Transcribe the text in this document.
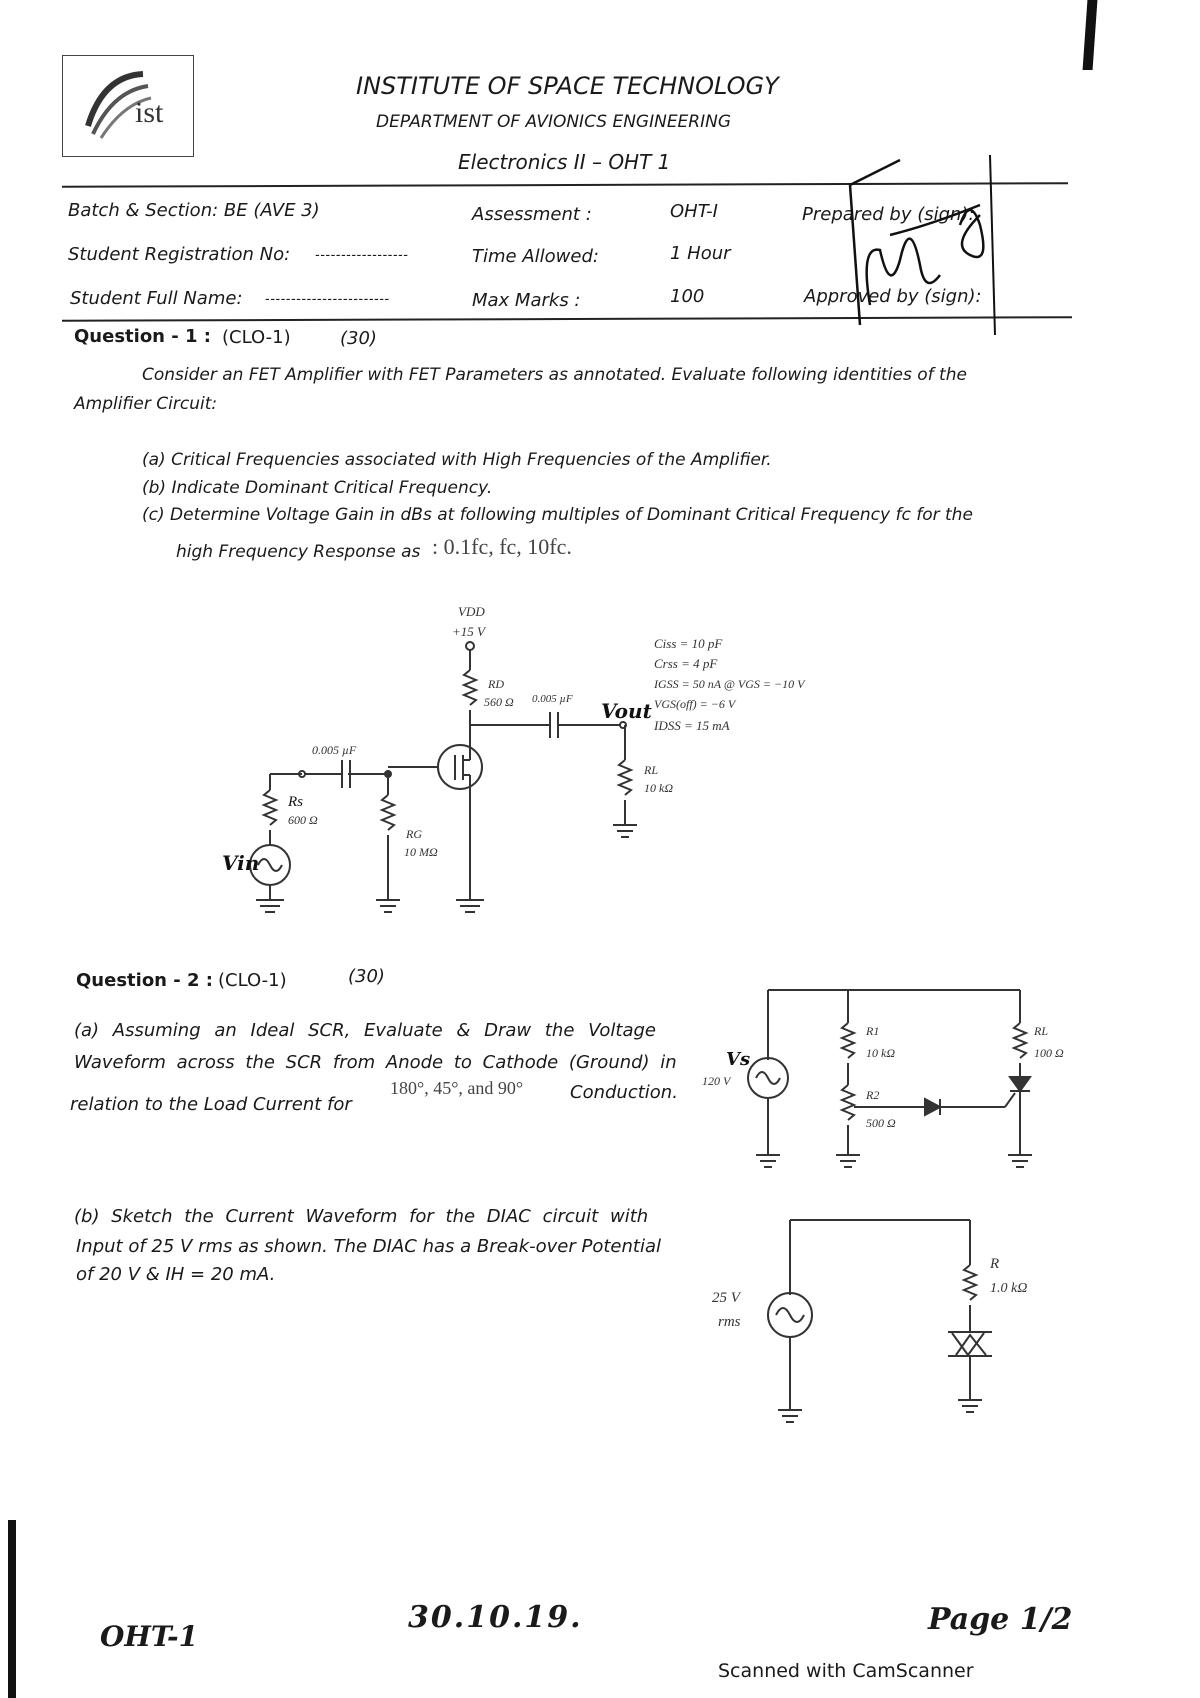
ist
INSTITUTE OF SPACE TECHNOLOGY
DEPARTMENT OF AVIONICS ENGINEERING
Electronics II – OHT 1
Batch & Section: BE (AVE 3)
Student Registration No: ------------------
Student Full Name: ------------------------
Assessment :	OHT-I
Time Allowed:	1 Hour
Max Marks :	100
Prepared by (sign):
Approved by (sign):
Question - 1 : (CLO-1)	(30)
Consider an FET Amplifier with FET Parameters as annotated. Evaluate following identities of the
Amplifier Circuit:
(a) Critical Frequencies associated with High Frequencies of the Amplifier.
(b) Indicate Dominant Critical Frequency.
(c) Determine Voltage Gain in dBs at following multiples of Dominant Critical Frequency fc for the
high Frequency Response as : 0.1fc, fc, 10fc.
VDD
+15 V
RD
560 Ω 0.005 µF Vout
0.005 µF
Rs
600 Ω
RG
10 MΩ
RL
10 kΩ
Vin
Ciss = 10 pF
Crss = 4 pF
IGSS = 50 nA @ VGS = −10 V
VGS(off) = −6 V
IDSS = 15 mA
Question - 2 : (CLO-1)	(30)
(a) Assuming an Ideal SCR, Evaluate & Draw the Voltage
Waveform across the SCR from Anode to Cathode (Ground) in
180°, 45°, and 90°	Conduction.
relation to the Load Current for
(b) Sketch the Current Waveform for the DIAC circuit with
Input of 25 V rms as shown. The DIAC has a Break-over Potential
of 20 V & IH = 20 mA.
Vs
120 V
R1
10 kΩ
R2
500 Ω
RL
100 Ω
25 V
rms
R
1.0 kΩ
OHT-1
30.10.19.	Page 1/2
Scanned with CamScanner
